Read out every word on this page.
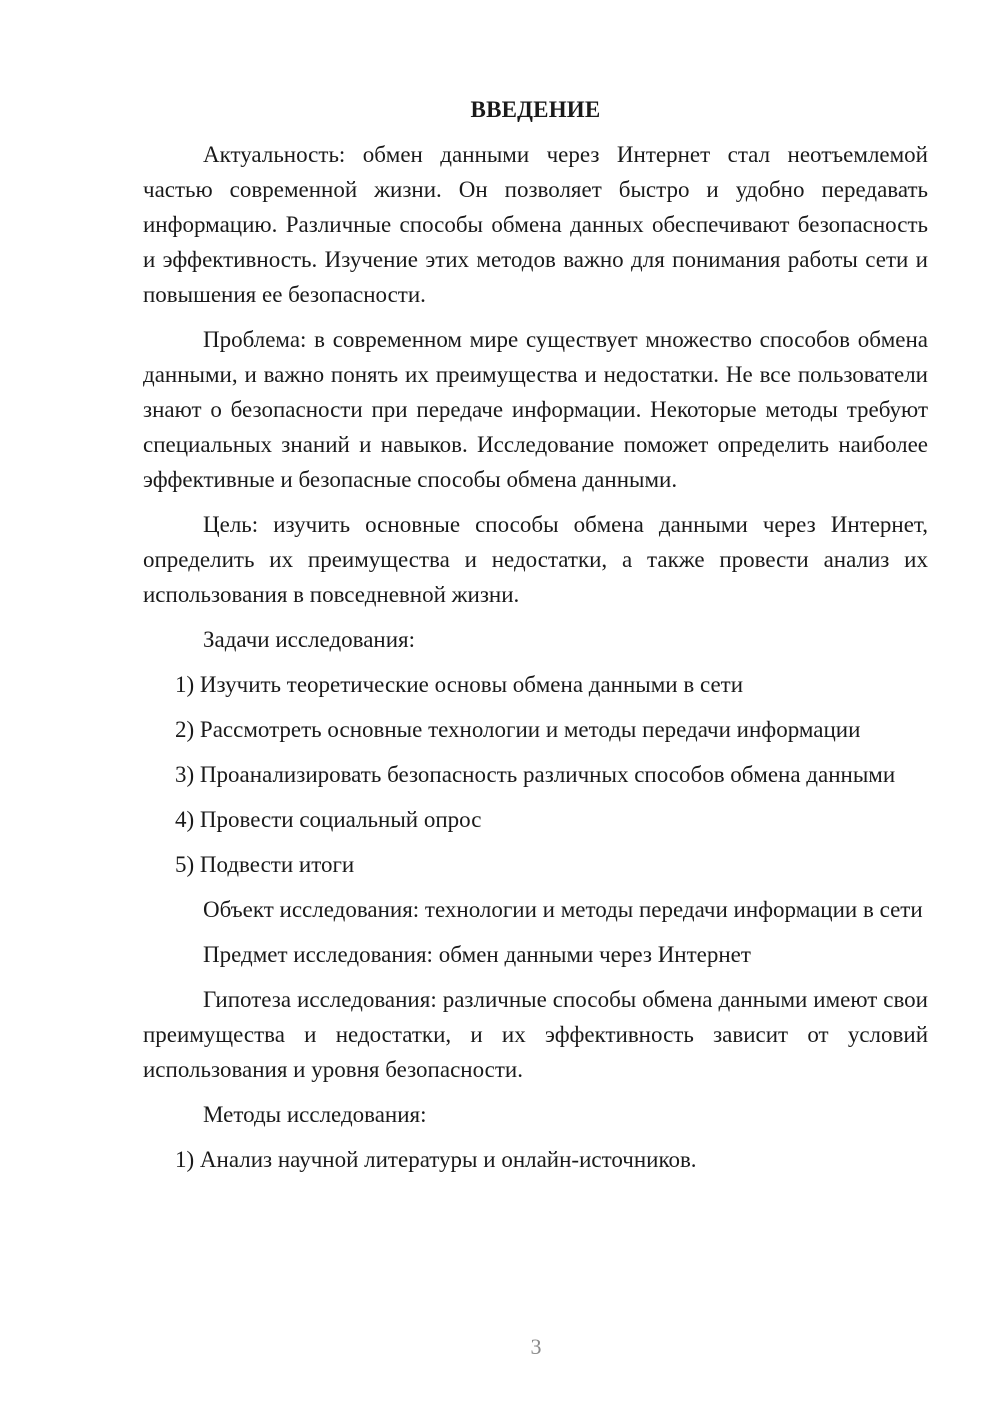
ВВЕДЕНИЕ

Актуальность: обмен данными через Интернет стал неотъемлемой частью современной жизни. Он позволяет быстро и удобно передавать информацию. Различные способы обмена данных обеспечивают безопасность и эффективность. Изучение этих методов важно для понимания работы сети и повышения ее безопасности.

Проблема: в современном мире существует множество способов обмена данными, и важно понять их преимущества и недостатки. Не все пользователи знают о безопасности при передаче информации. Некоторые методы требуют специальных знаний и навыков. Исследование поможет определить наиболее эффективные и безопасные способы обмена данными.

Цель: изучить основные способы обмена данными через Интернет, определить их преимущества и недостатки, а также провести анализ их использования в повседневной жизни.

Задачи исследования:

1) Изучить теоретические основы обмена данными в сети

2) Рассмотреть основные технологии и методы передачи информации

3) Проанализировать безопасность различных способов обмена данными

4) Провести социальный опрос

5) Подвести итоги

Объект исследования: технологии и методы передачи информации в сети

Предмет исследования: обмен данными через Интернет

Гипотеза исследования: различные способы обмена данными имеют свои преимущества и недостатки, и их эффективность зависит от условий использования и уровня безопасности.

Методы исследования:

1) Анализ научной литературы и онлайн-источников.

3
